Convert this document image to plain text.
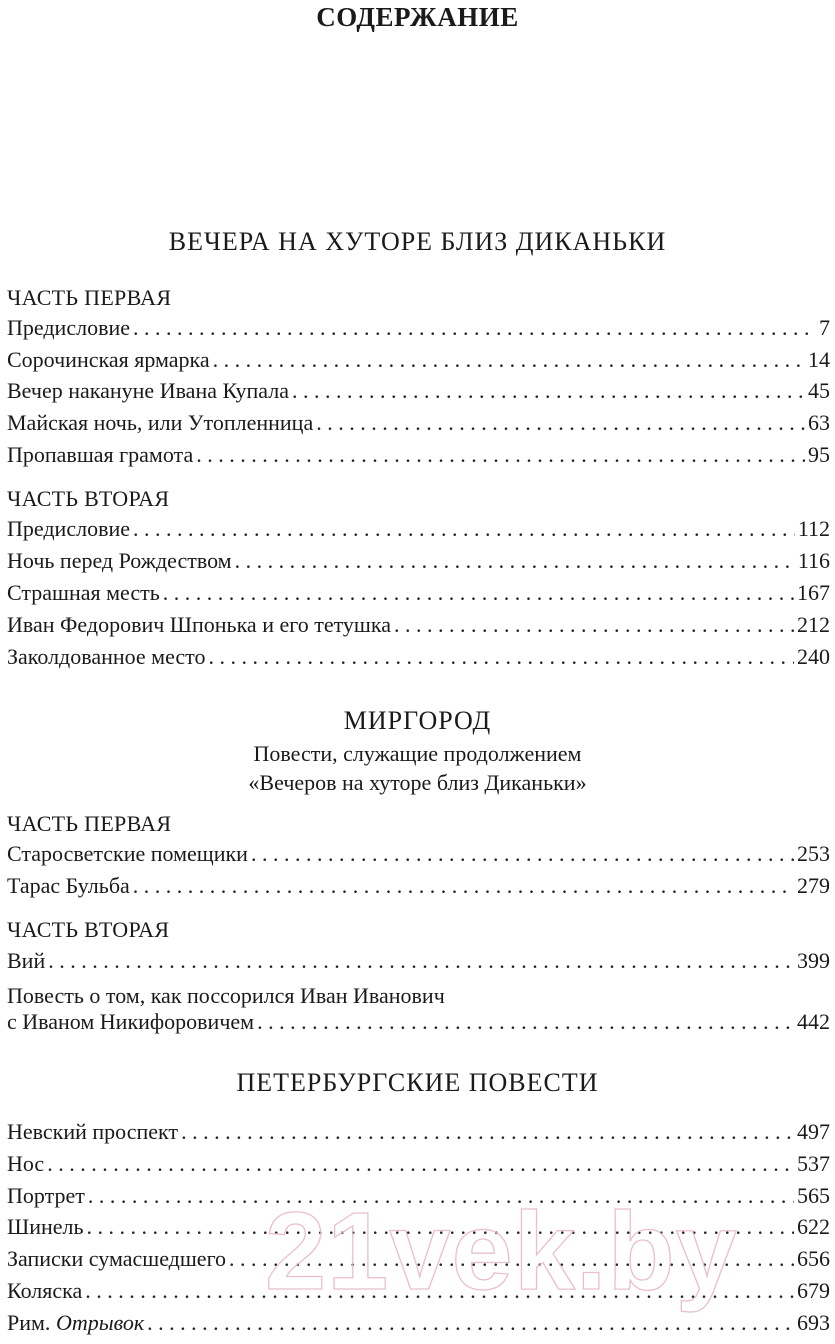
СОДЕРЖАНИЕ
ВЕЧЕРА НА ХУТОРЕ БЛИЗ ДИКАНЬКИ
ЧАСТЬ ПЕРВАЯ
Предисловие . . .	7
Сорочинская ярмарка . . .	14
Вечер накануне Ивана Купала . . .	45
Майская ночь, или Утопленница . . .	63
Пропавшая грамота . . .	95
ЧАСТЬ ВТОРАЯ
Предисловие . . .	112
Ночь перед Рождеством . . .	116
Страшная месть . . .	167
Иван Федорович Шпонька и его тетушка . . .	212
Заколдованное место . . .	240
МИРГОРОД
Повести, служащие продолжением
«Вечеров на хуторе близ Диканьки»
ЧАСТЬ ПЕРВАЯ
Старосветские помещики . . .	253
Тарас Бульба . . .	279
ЧАСТЬ ВТОРАЯ
Вий . . .	399
Повесть о том, как поссорился Иван Иванович
с Иваном Никифоровичем . . .	442
ПЕТЕРБУРГСКИЕ ПОВЕСТИ
Невский проспект . . .	497
Нос . . .	537
Портрет . . .	565
Шинель . . .	622
Записки сумасшедшего . . .	656
Коляска . . .	679
Рим. Отрывок . . .	693
21vek.by
